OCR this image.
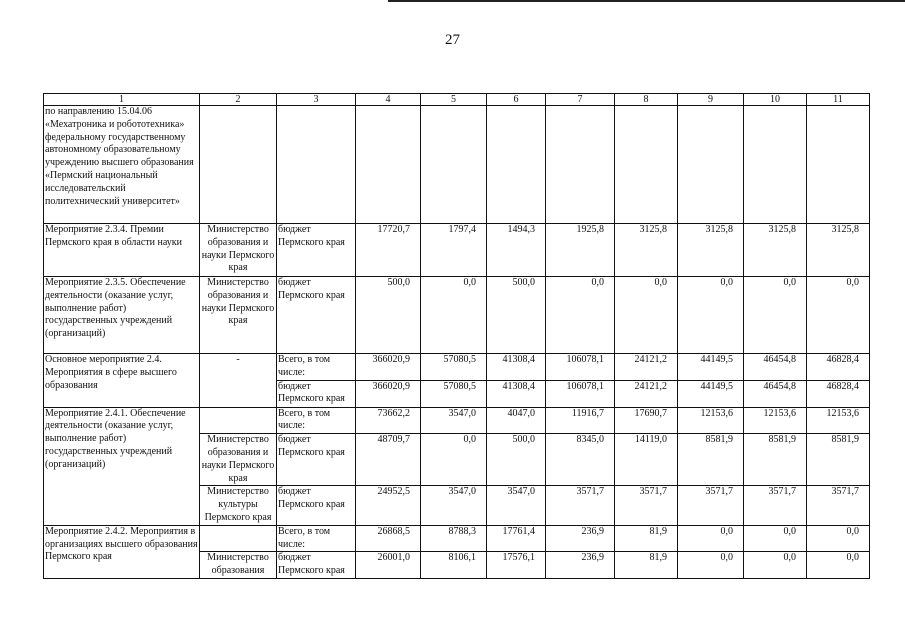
27
1	2	3	4	5	6	7	8	9	10	11
по направлению 15.04.06 «Мехатроника и робототехника» федеральному государственному автономному образовательному учреждению высшего образования «Пермский национальный исследовательский политехнический университет»										
Мероприятие 2.3.4. Премии Пермского края в области науки	Министерство образования и науки Пермского края	бюджет Пермского края	17720,7	1797,4	1494,3	1925,8	3125,8	3125,8	3125,8	3125,8
Мероприятие 2.3.5. Обеспечение деятельности (оказание услуг, выполнение работ) государственных учреждений (организаций)	Министерство образования и науки Пермского края	бюджет Пермского края	500,0	0,0	500,0	0,0	0,0	0,0	0,0	0,0
Основное мероприятие 2.4. Мероприятия в сфере высшего образования	-	Всего, в том числе:	366020,9	57080,5	41308,4	106078,1	24121,2	44149,5	46454,8	46828,4
		бюджет Пермского края	366020,9	57080,5	41308,4	106078,1	24121,2	44149,5	46454,8	46828,4
Мероприятие 2.4.1. Обеспечение деятельности (оказание услуг, выполнение работ) государственных учреждений (организаций)		Всего, в том числе:	73662,2	3547,0	4047,0	11916,7	17690,7	12153,6	12153,6	12153,6
	Министерство образования и науки Пермского края	бюджет Пермского края	48709,7	0,0	500,0	8345,0	14119,0	8581,9	8581,9	8581,9
	Министерство культуры Пермского края	бюджет Пермского края	24952,5	3547,0	3547,0	3571,7	3571,7	3571,7	3571,7	3571,7
Мероприятие 2.4.2. Мероприятия в организациях высшего образования Пермского края		Всего, в том числе:	26868,5	8788,3	17761,4	236,9	81,9	0,0	0,0	0,0
	Министерство образования	бюджет Пермского края	26001,0	8106,1	17576,1	236,9	81,9	0,0	0,0	0,0
